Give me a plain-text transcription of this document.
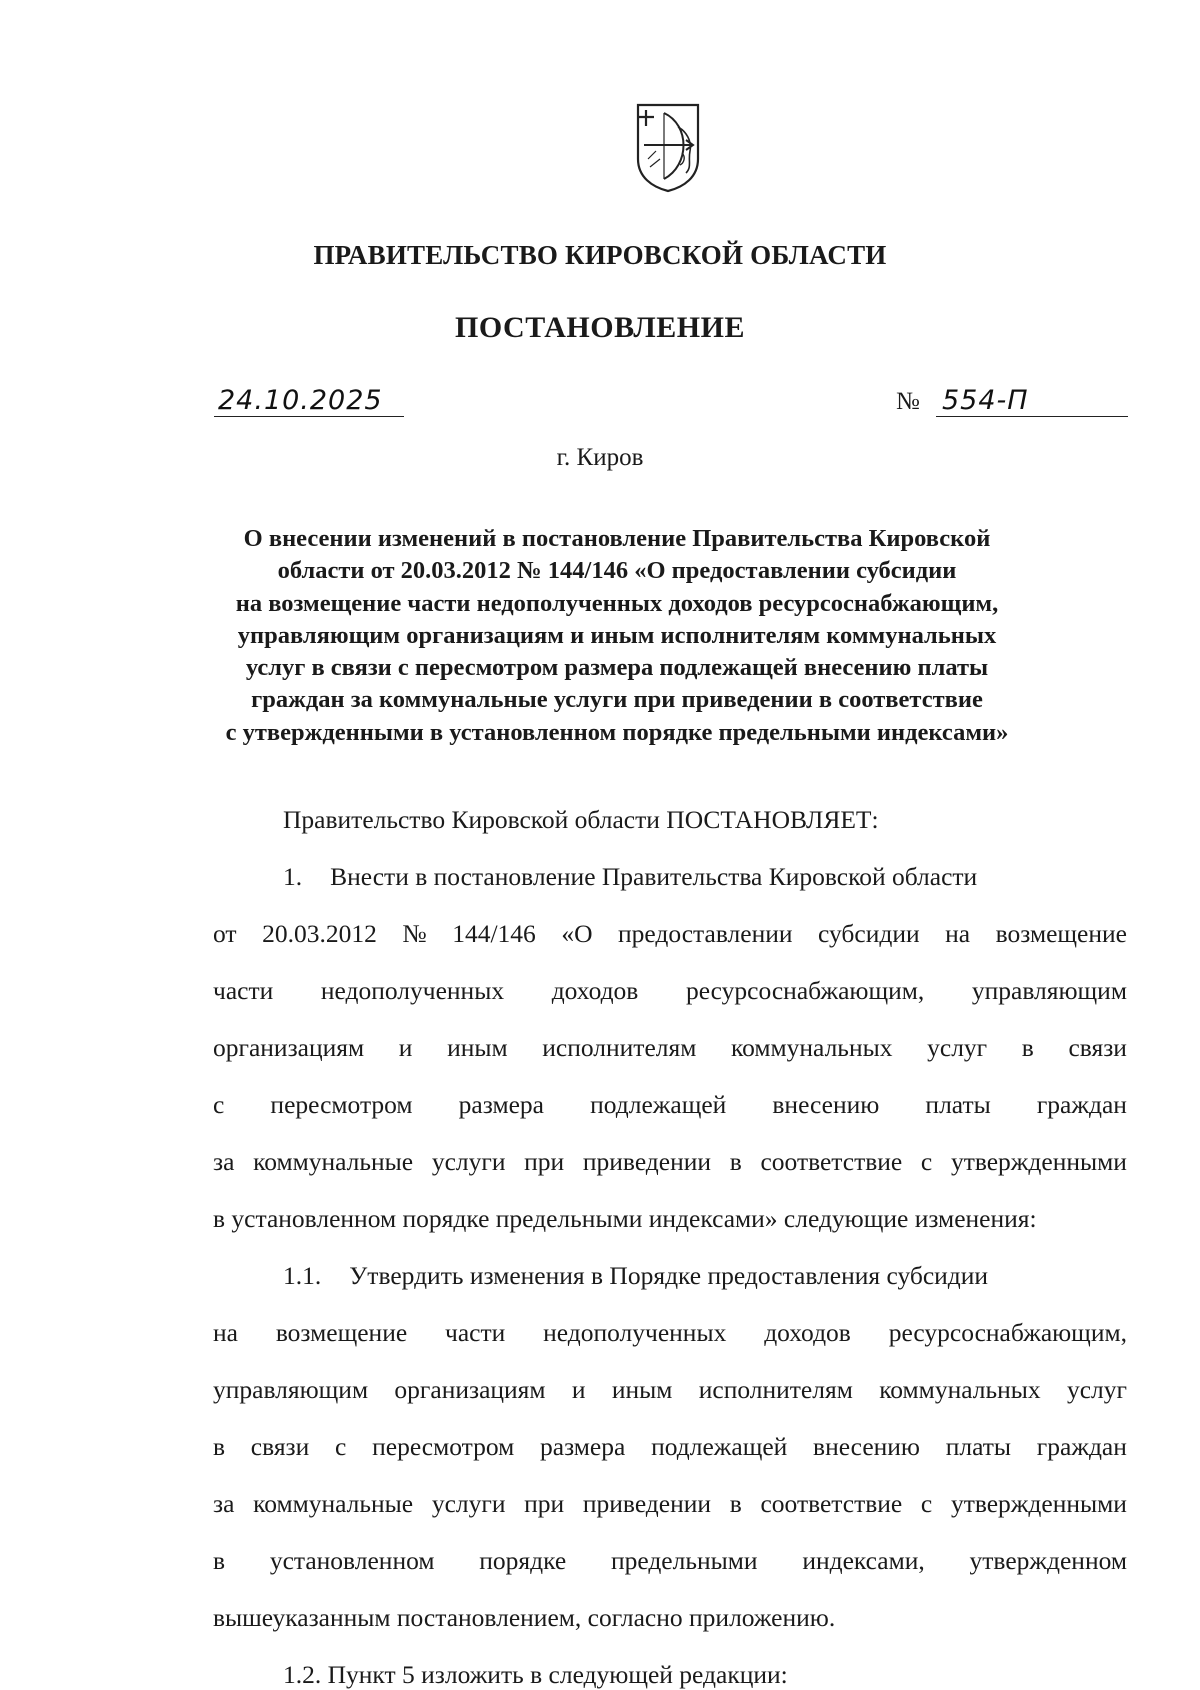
ПРАВИТЕЛЬСТВО КИРОВСКОЙ ОБЛАСТИ
ПОСТАНОВЛЕНИЕ
24.10.2025	№ 554-П
г. Киров
О внесении изменений в постановление Правительства Кировской
области от 20.03.2012 № 144/146 «О предоставлении субсидии
на возмещение части недополученных доходов ресурсоснабжающим,
управляющим организациям и иным исполнителям коммунальных
услуг в связи с пересмотром размера подлежащей внесению платы
граждан за коммунальные услуги при приведении в соответствие
с утвержденными в установленном порядке предельными индексами»
Правительство Кировской области ПОСТАНОВЛЯЕТ:
1. Внести в постановление Правительства Кировской области
от 20.03.2012 № 144/146 «О предоставлении субсидии на возмещение
части недополученных доходов ресурсоснабжающим, управляющим
организациям и иным исполнителям коммунальных услуг в связи
с пересмотром размера подлежащей внесению платы граждан
за коммунальные услуги при приведении в соответствие с утвержденными
в установленном порядке предельными индексами» следующие изменения:
1.1. Утвердить изменения в Порядке предоставления субсидии
на возмещение части недополученных доходов ресурсоснабжающим,
управляющим организациям и иным исполнителям коммунальных услуг
в связи с пересмотром размера подлежащей внесению платы граждан
за коммунальные услуги при приведении в соответствие с утвержденными
в установленном порядке предельными индексами, утвержденном
вышеуказанным постановлением, согласно приложению.
1.2. Пункт 5 изложить в следующей редакции:
